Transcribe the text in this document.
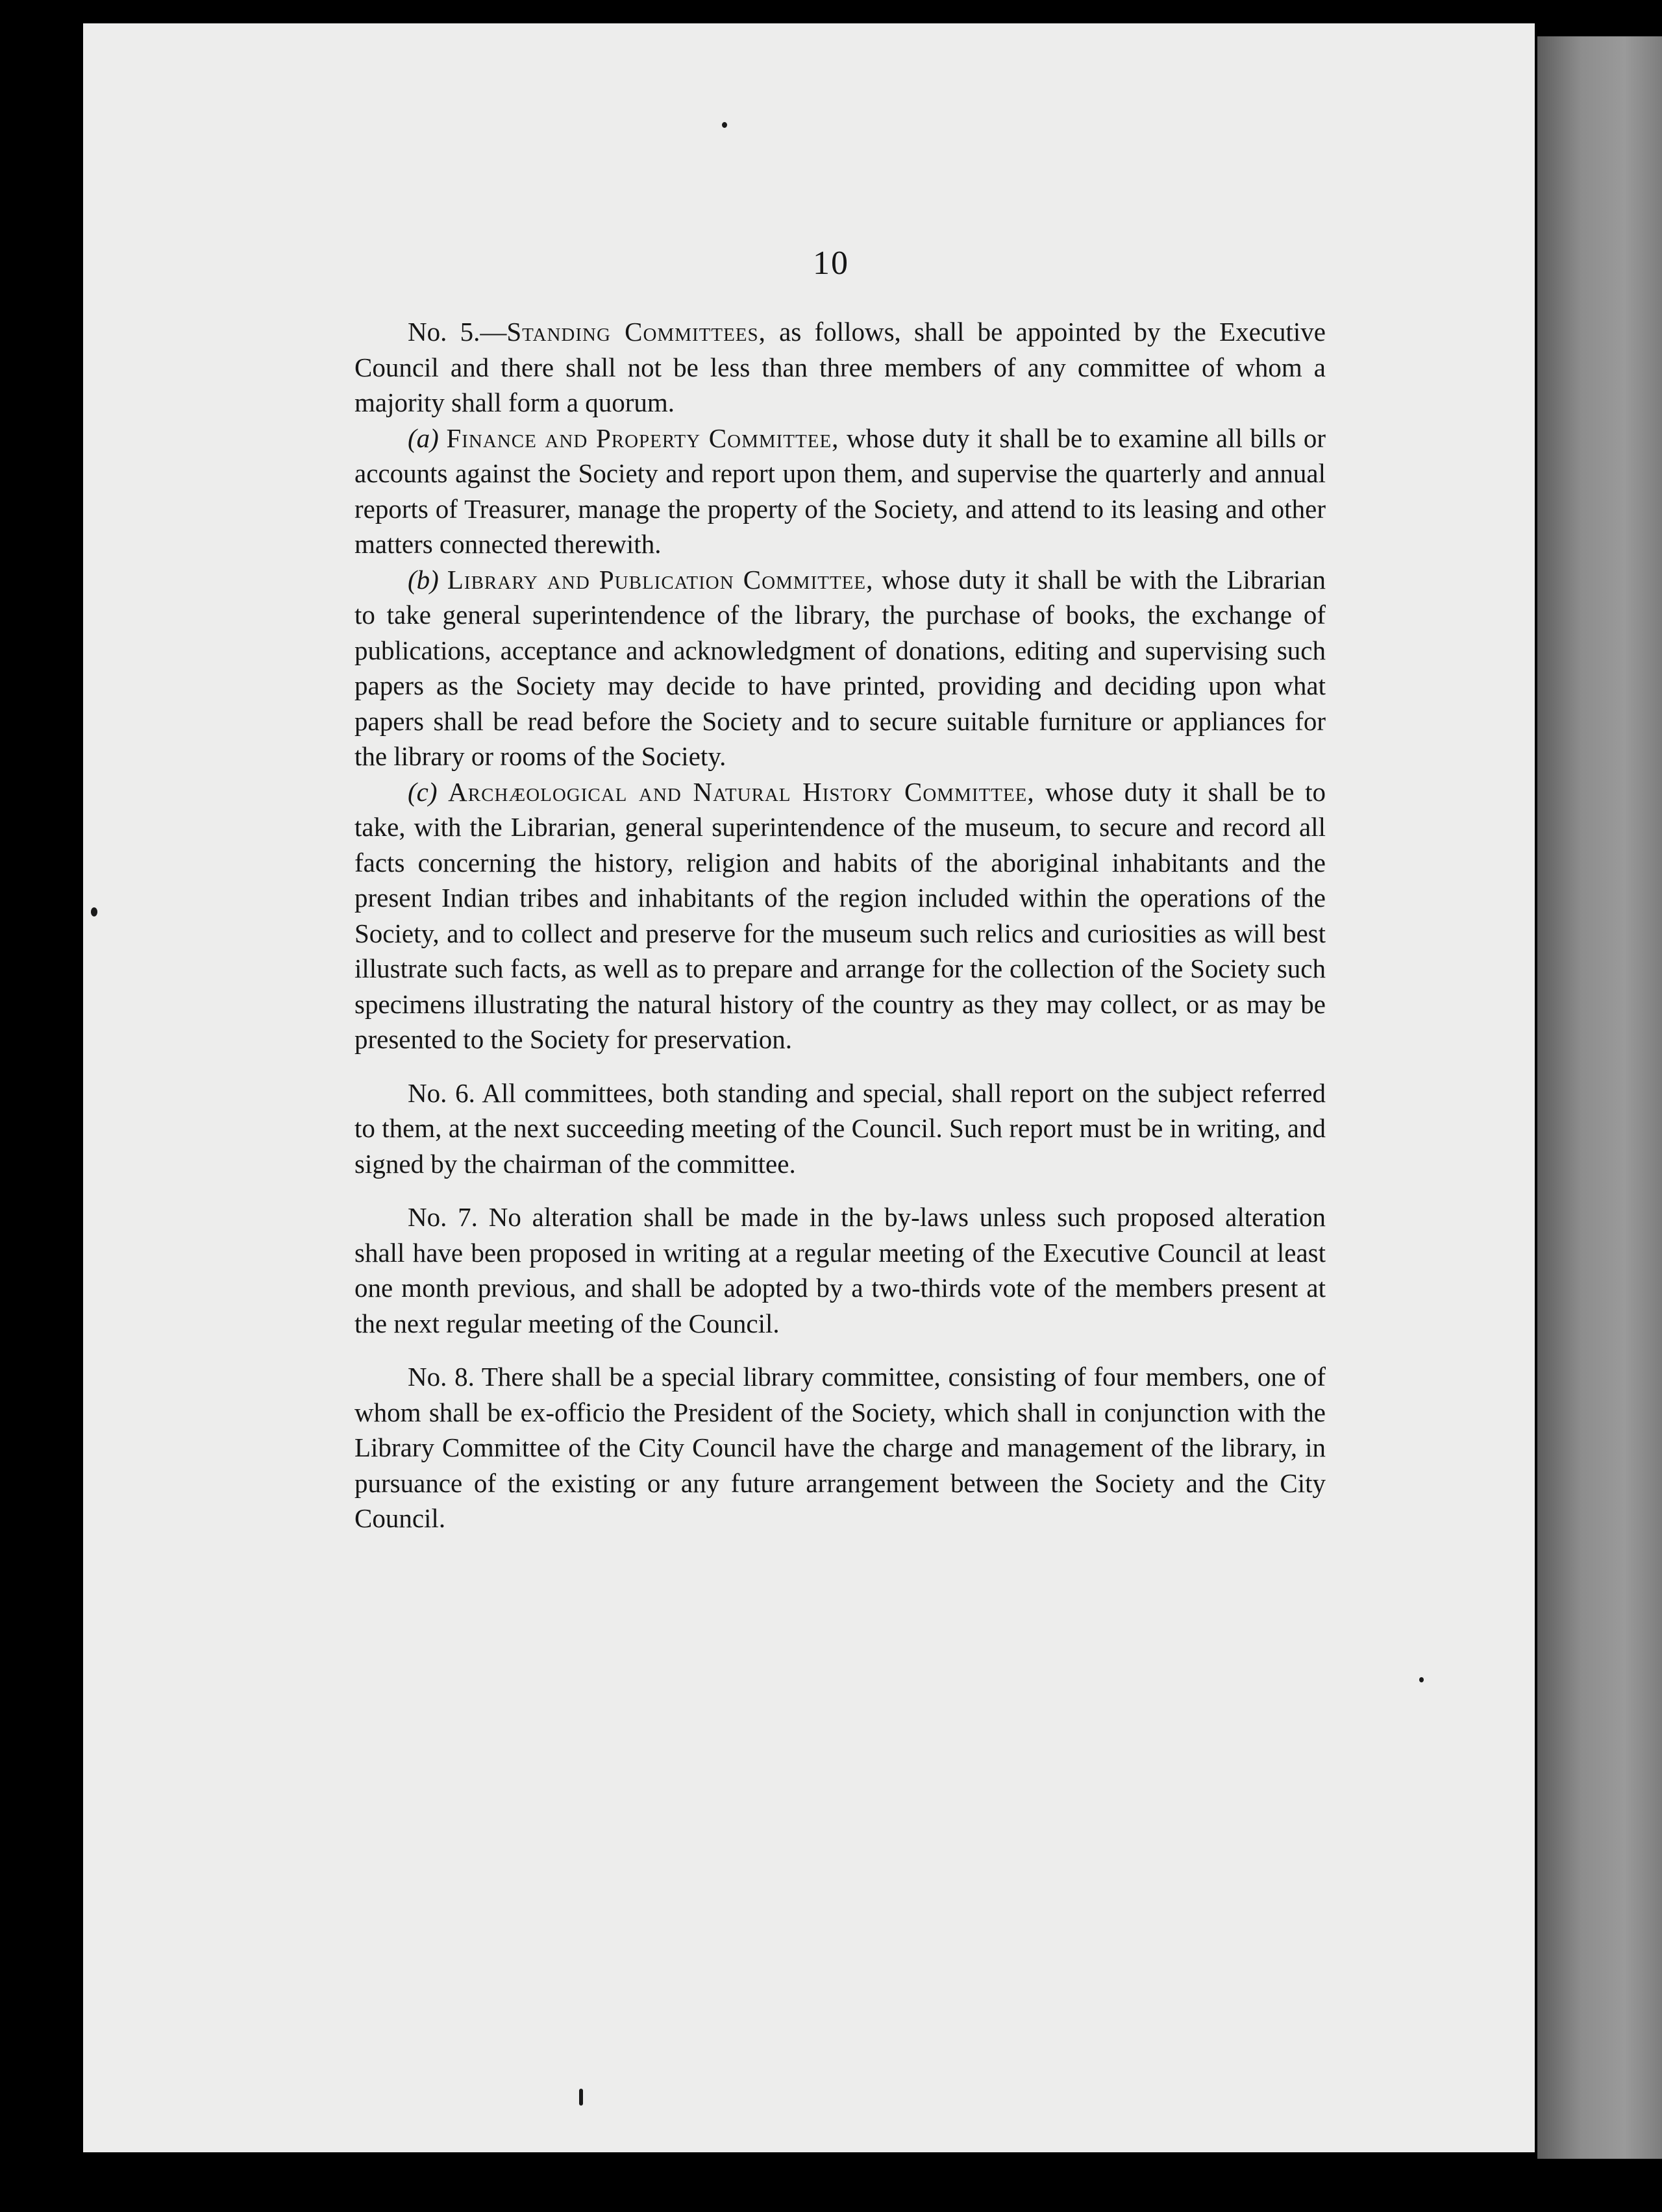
10

No. 5.—Standing Committees, as follows, shall be appointed by the Executive Council and there shall not be less than three members of any committee of whom a majority shall form a quorum.

(a) Finance and Property Committee, whose duty it shall be to examine all bills or accounts against the Society and report upon them, and supervise the quarterly and annual reports of Treasurer, manage the property of the Society, and attend to its leasing and other matters connected therewith.

(b) Library and Publication Committee, whose duty it shall be with the Librarian to take general superintendence of the library, the purchase of books, the exchange of publications, acceptance and acknowledgment of donations, editing and supervising such papers as the Society may decide to have printed, providing and deciding upon what papers shall be read before the Society and to secure suitable furniture or appliances for the library or rooms of the Society.

(c) Archæological and Natural History Committee, whose duty it shall be to take, with the Librarian, general superintendence of the museum, to secure and record all facts concerning the history, religion and habits of the aboriginal inhabitants and the present Indian tribes and inhabitants of the region included within the operations of the Society, and to collect and preserve for the museum such relics and curiosities as will best illustrate such facts, as well as to prepare and arrange for the collection of the Society such specimens illustrating the natural history of the country as they may collect, or as may be presented to the Society for preservation.

No. 6. All committees, both standing and special, shall report on the subject referred to them, at the next succeeding meeting of the Council. Such report must be in writing, and signed by the chairman of the committee.

No. 7. No alteration shall be made in the by-laws unless such proposed alteration shall have been proposed in writing at a regular meeting of the Executive Council at least one month previous, and shall be adopted by a two-thirds vote of the members present at the next regular meeting of the Council.

No. 8. There shall be a special library committee, consisting of four members, one of whom shall be ex-officio the President of the Society, which shall in conjunction with the Library Committee of the City Council have the charge and management of the library, in pursuance of the existing or any future arrangement between the Society and the City Council.
